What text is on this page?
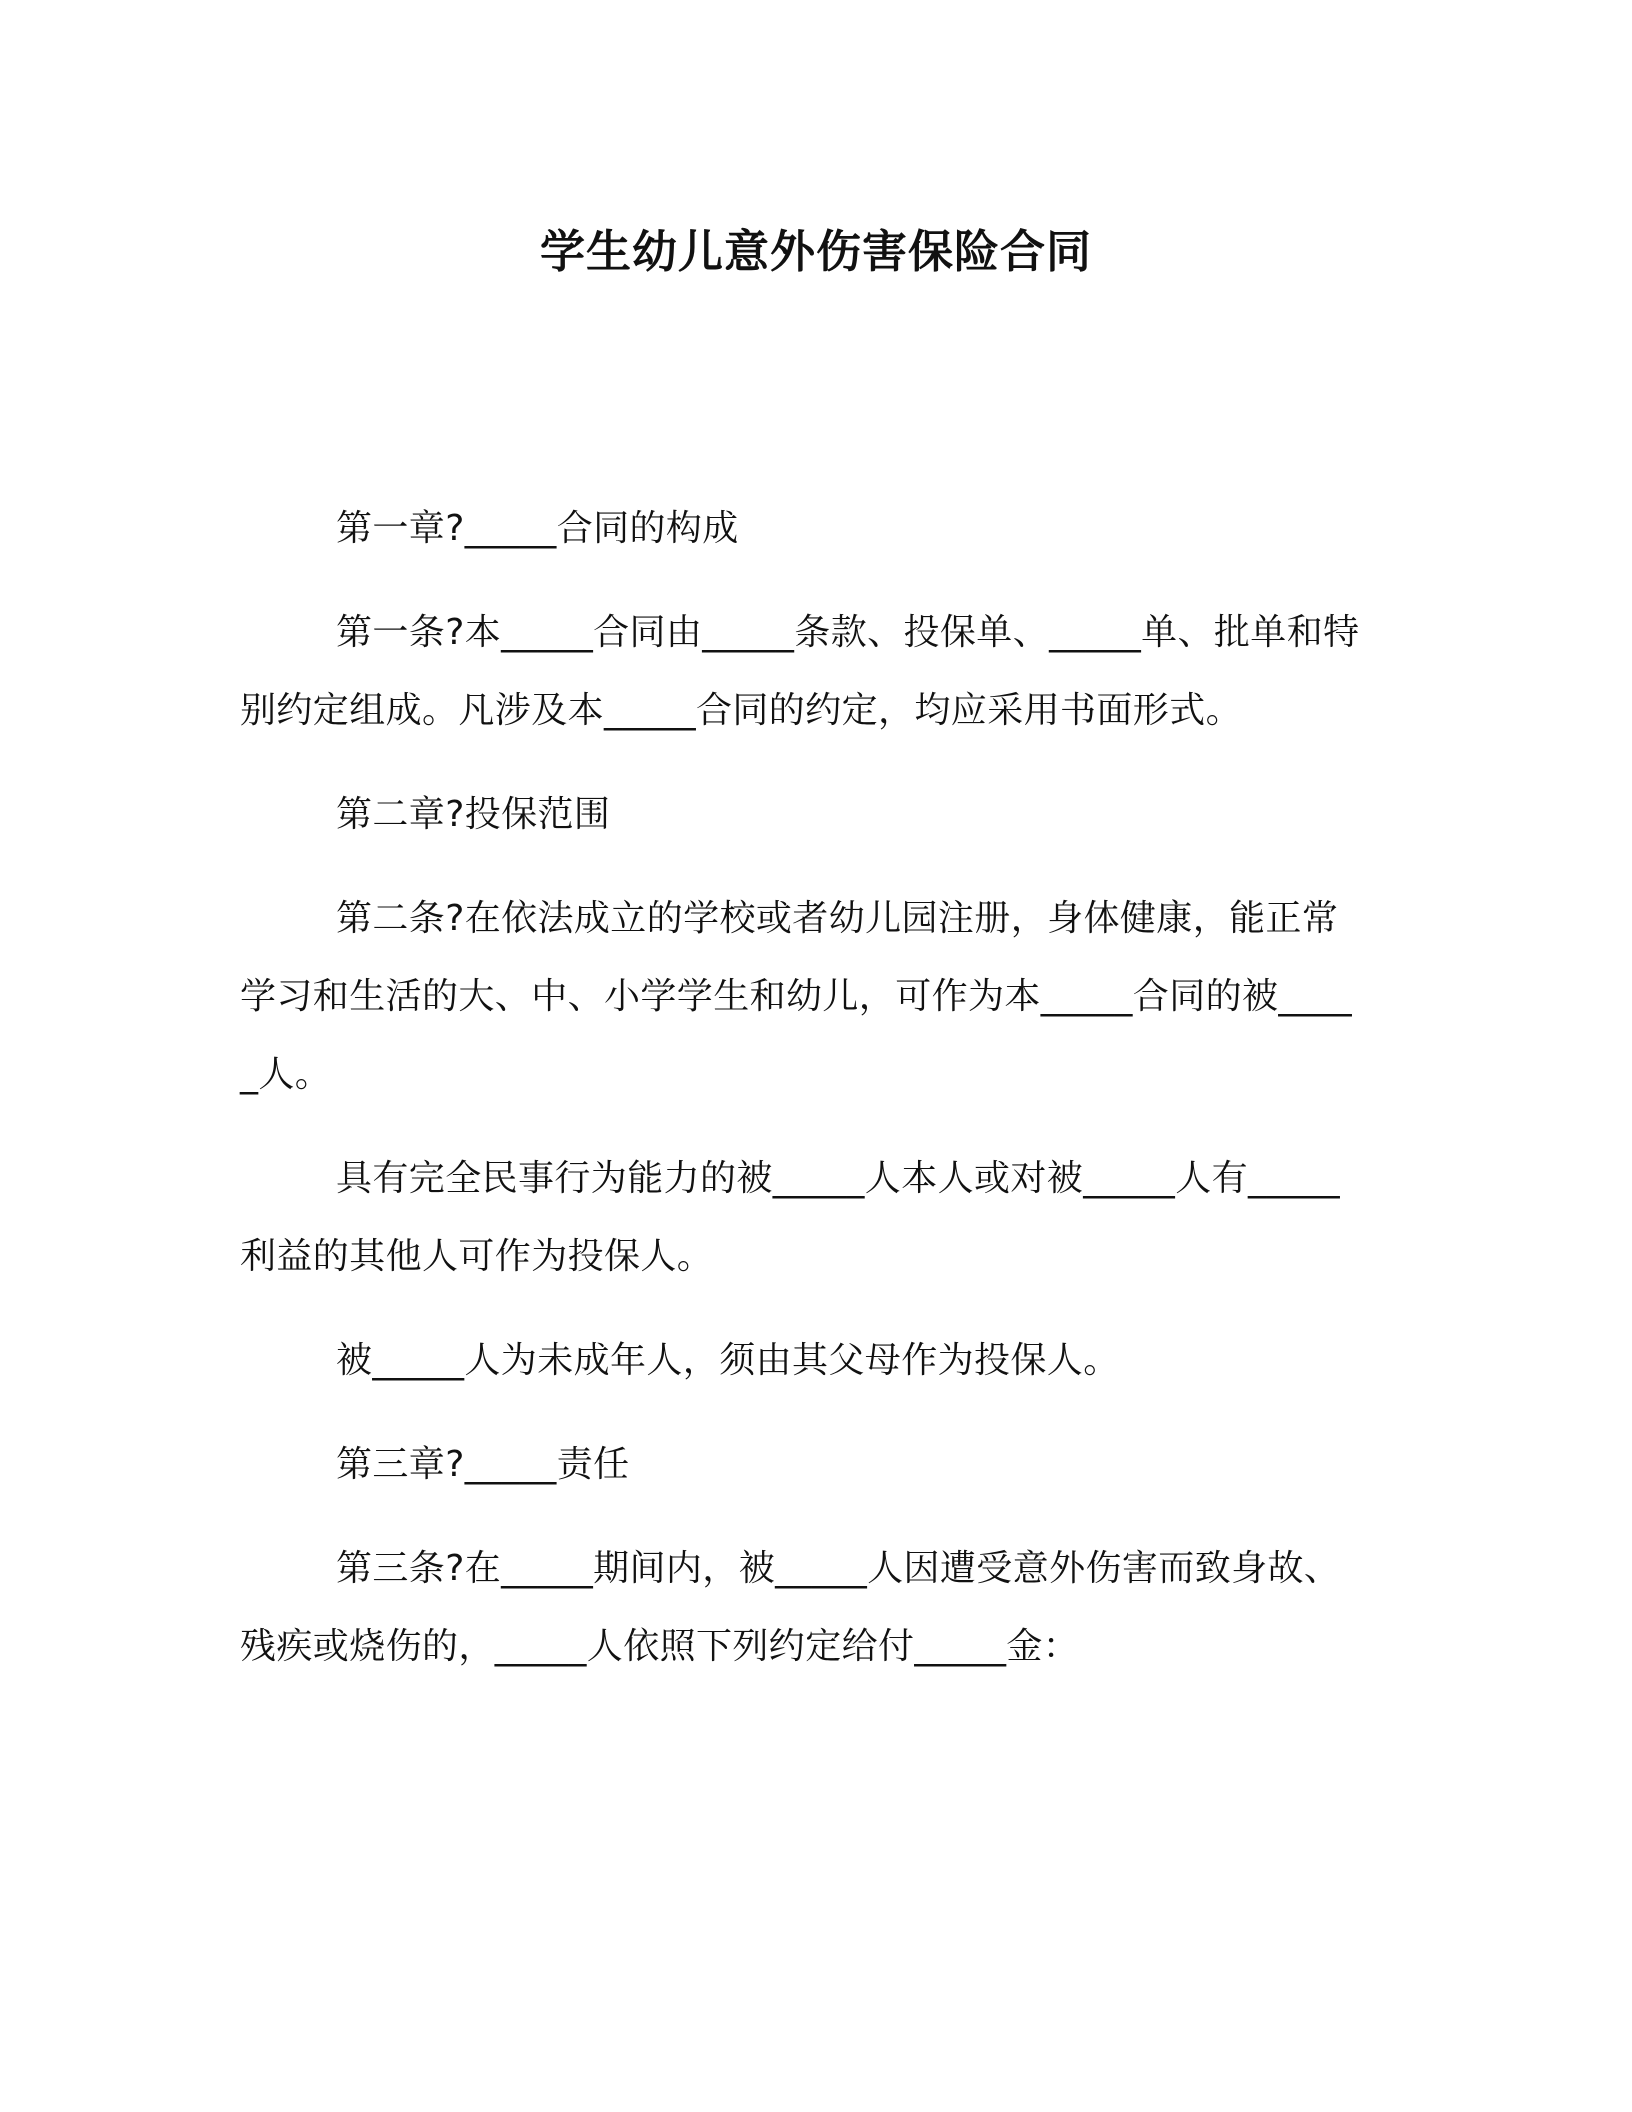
学生幼儿意外伤害保险合同

第一章?_____合同的构成

第一条?本_____合同由_____条款、投保单、_____单、批单和特别约定组成。凡涉及本_____合同的约定，均应采用书面形式。

第二章?投保范围

第二条?在依法成立的学校或者幼儿园注册，身体健康，能正常学习和生活的大、中、小学学生和幼儿，可作为本_____合同的被_____人。

具有完全民事行为能力的被_____人本人或对被_____人有_____利益的其他人可作为投保人。

被_____人为未成年人，须由其父母作为投保人。

第三章?_____责任

第三条?在_____期间内，被_____人因遭受意外伤害而致身故、残疾或烧伤的，_____人依照下列约定给付_____金：
